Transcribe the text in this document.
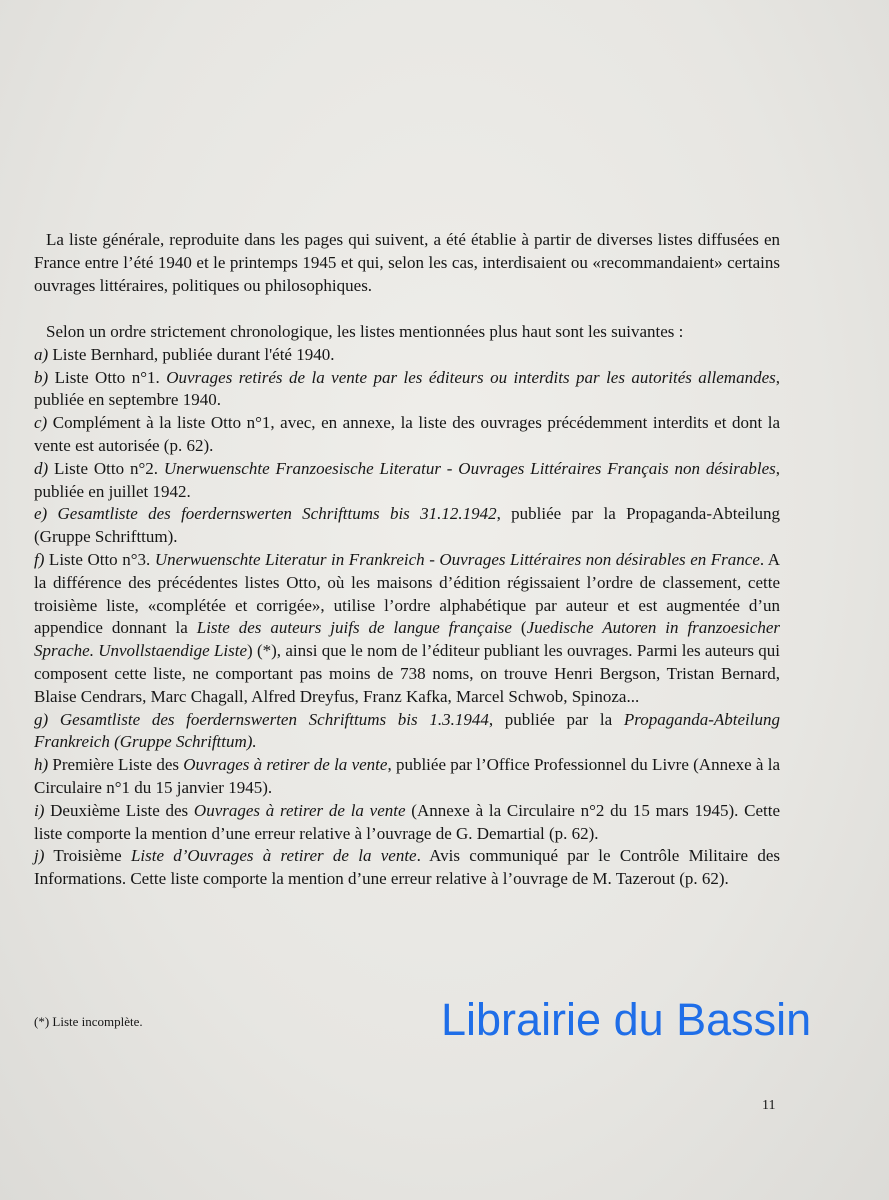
La liste générale, reproduite dans les pages qui suivent, a été établie à partir de diverses listes diffusées en France entre l’été 1940 et le printemps 1945 et qui, selon les cas, interdisaient ou «recommandaient» certains ouvrages littéraires, politiques ou philosophiques.

Selon un ordre strictement chronologique, les listes mentionnées plus haut sont les suivantes :

a) Liste Bernhard, publiée durant l'été 1940.

b) Liste Otto n°1. Ouvrages retirés de la vente par les éditeurs ou interdits par les autorités allemandes, publiée en septembre 1940.

c) Complément à la liste Otto n°1, avec, en annexe, la liste des ouvrages précédemment interdits et dont la vente est autorisée (p. 62).

d) Liste Otto n°2. Unerwuenschte Franzoesische Literatur - Ouvrages Littéraires Français non désirables, publiée en juillet 1942.

e) Gesamtliste des foerdernswerten Schrifttums bis 31.12.1942, publiée par la Propaganda-Abteilung (Gruppe Schrifttum).

f) Liste Otto n°3. Unerwuenschte Literatur in Frankreich - Ouvrages Littéraires non désirables en France. A la différence des précédentes listes Otto, où les maisons d’édition régissaient l’ordre de classement, cette troisième liste, «complétée et corrigée», utilise l’ordre alphabétique par auteur et est augmentée d’un appendice donnant la Liste des auteurs juifs de langue française (Juedische Autoren in franzoesicher Sprache. Unvollstaendige Liste) (*), ainsi que le nom de l’éditeur publiant les ouvrages. Parmi les auteurs qui composent cette liste, ne comportant pas moins de 738 noms, on trouve Henri Bergson, Tristan Bernard, Blaise Cendrars, Marc Chagall, Alfred Dreyfus, Franz Kafka, Marcel Schwob, Spinoza...

g) Gesamtliste des foerdernswerten Schrifttums bis 1.3.1944, publiée par la Propaganda-Abteilung Frankreich (Gruppe Schrifttum).

h) Première Liste des Ouvrages à retirer de la vente, publiée par l’Office Professionnel du Livre (Annexe à la Circulaire n°1 du 15 janvier 1945).

i) Deuxième Liste des Ouvrages à retirer de la vente (Annexe à la Circulaire n°2 du 15 mars 1945). Cette liste comporte la mention d’une erreur relative à l’ouvrage de G. Demartial (p. 62).

j) Troisième Liste d’Ouvrages à retirer de la vente. Avis communiqué par le Contrôle Militaire des Informations. Cette liste comporte la mention d’une erreur relative à l’ouvrage de M. Tazerout (p. 62).

(*) Liste incomplète.	Librairie du Bassin
11
